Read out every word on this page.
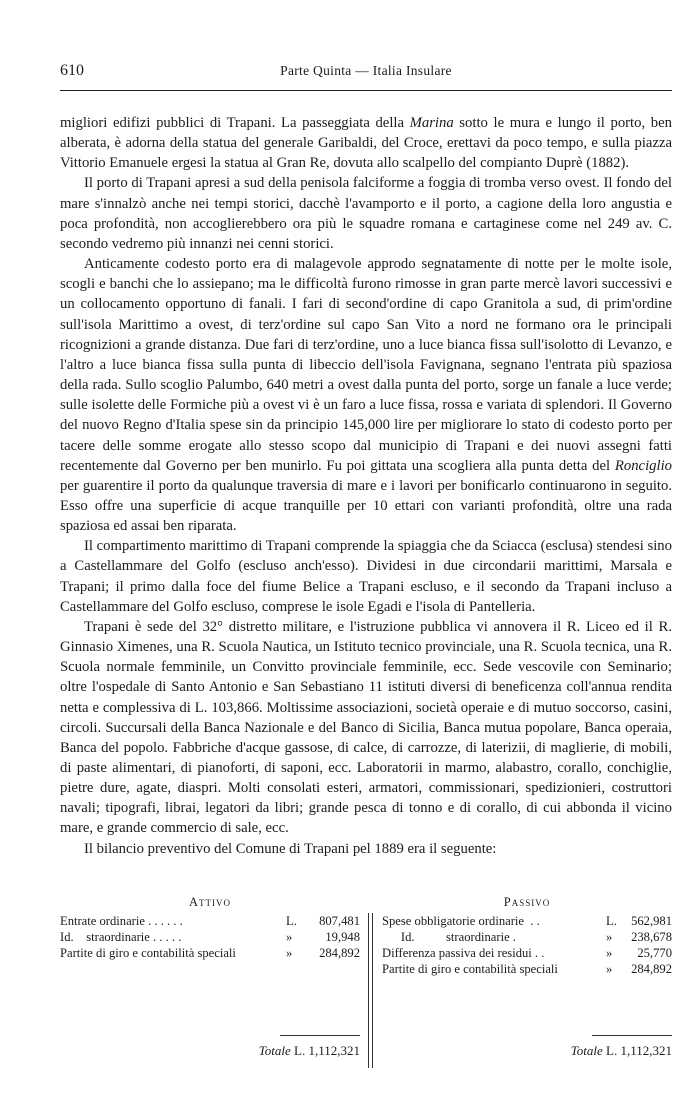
610	Parte Quinta — Italia Insulare

migliori edifizi pubblici di Trapani. La passeggiata della Marina sotto le mura e lungo il porto, ben alberata, è adorna della statua del generale Garibaldi, del Croce, erettavi da poco tempo, e sulla piazza Vittorio Emanuele ergesi la statua al Gran Re, dovuta allo scalpello del compianto Duprè (1882).

Il porto di Trapani apresi a sud della penisola falciforme a foggia di tromba verso ovest. Il fondo del mare s'innalzò anche nei tempi storici, dacchè l'avamporto e il porto, a cagione della loro angustia e poca profondità, non accoglierebbero ora più le squadre romana e cartaginese come nel 249 av. C. secondo vedremo più innanzi nei cenni storici.

Anticamente codesto porto era di malagevole approdo segnatamente di notte per le molte isole, scogli e banchi che lo assiepano; ma le difficoltà furono rimosse in gran parte mercè lavori successivi e un collocamento opportuno di fanali. I fari di second'ordine di capo Granitola a sud, di prim'ordine sull'isola Marittimo a ovest, di terz'ordine sul capo San Vito a nord ne formano ora le principali ricognizioni a grande distanza. Due fari di terz'ordine, uno a luce bianca fissa sull'isolotto di Levanzo, e l'altro a luce bianca fissa sulla punta di libeccio dell'isola Favignana, segnano l'entrata più spaziosa della rada. Sullo scoglio Palumbo, 640 metri a ovest dalla punta del porto, sorge un fanale a luce verde; sulle isolette delle Formiche più a ovest vi è un faro a luce fissa, rossa e variata di splendori. Il Governo del nuovo Regno d'Italia spese sin da principio 145,000 lire per migliorare lo stato di codesto porto per tacere delle somme erogate allo stesso scopo dal municipio di Trapani e dei nuovi assegni fatti recentemente dal Governo per ben munirlo. Fu poi gittata una scogliera alla punta detta del Ronciglio per guarentire il porto da qualunque traversia di mare e i lavori per bonificarlo continuarono in seguito. Esso offre una superficie di acque tranquille per 10 ettari con varianti profondità, oltre una rada spaziosa ed assai ben riparata.

Il compartimento marittimo di Trapani comprende la spiaggia che da Sciacca (esclusa) stendesi sino a Castellammare del Golfo (escluso anch'esso). Dividesi in due circondarii marittimi, Marsala e Trapani; il primo dalla foce del fiume Belice a Trapani escluso, e il secondo da Trapani incluso a Castellammare del Golfo escluso, comprese le isole Egadi e l'isola di Pantelleria.

Trapani è sede del 32° distretto militare, e l'istruzione pubblica vi annovera il R. Liceo ed il R. Ginnasio Ximenes, una R. Scuola Nautica, un Istituto tecnico provinciale, una R. Scuola tecnica, una R. Scuola normale femminile, un Convitto provinciale femminile, ecc. Sede vescovile con Seminario; oltre l'ospedale di Santo Antonio e San Sebastiano 11 istituti diversi di beneficenza coll'annua rendita netta e complessiva di L. 103,866. Moltissime associazioni, società operaie e di mutuo soccorso, casini, circoli. Succursali della Banca Nazionale e del Banco di Sicilia, Banca mutua popolare, Banca operaia, Banca del popolo. Fabbriche d'acque gassose, di calce, di carrozze, di laterizii, di maglierie, di mobili, di paste alimentari, di pianoforti, di saponi, ecc. Laboratorii in marmo, alabastro, corallo, conchiglie, pietre dure, agate, diaspri. Molti consolati esteri, armatori, commissionari, spedizionieri, costruttori navali; tipografi, librai, legatori da libri; grande pesca di tonno e di corallo, di cui abbonda il vicino mare, e grande commercio di sale, ecc.

Il bilancio preventivo del Comune di Trapani pel 1889 era il seguente:

Attivo
Entrate ordinarie . . . . . .	L. 807,481
Id.    straordinarie . . . . .	»	19,948
Partite di giro e contabilità speciali	» 284,892
Totale L. 1,112,321
Passivo
Spese obbligatorie ordinarie  . .	L. 562,981
Id.          straordinarie .	» 238,678
Differenza passiva dei residui . .	» 25,770
Partite di giro e contabilità speciali	» 284,892
Totale L. 1,112,321
